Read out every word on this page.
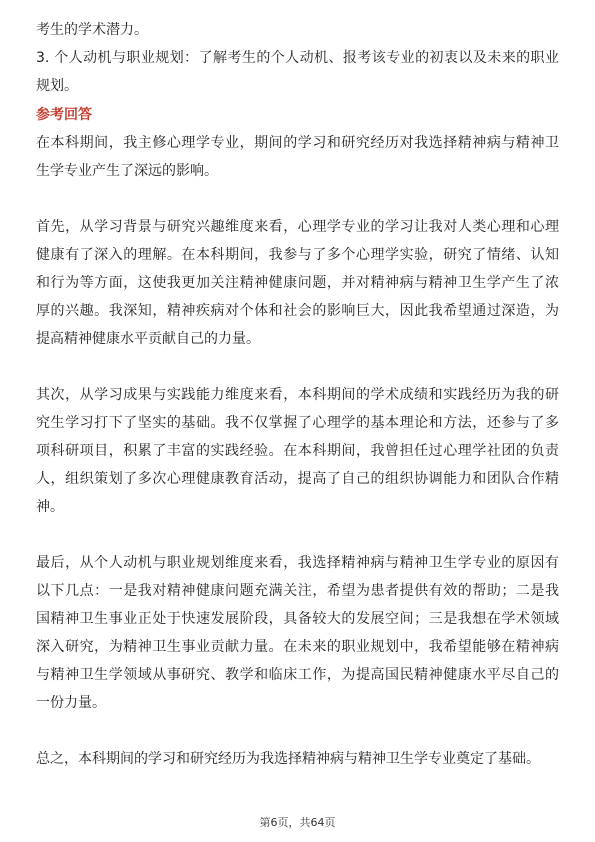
考生的学术潜力。
3. 个人动机与职业规划：了解考生的个人动机、报考该专业的初衷以及未来的职业
规划。
参考回答
在本科期间，我主修心理学专业，期间的学习和研究经历对我选择精神病与精神卫
生学专业产生了深远的影响。
首先，从学习背景与研究兴趣维度来看，心理学专业的学习让我对人类心理和心理
健康有了深入的理解。在本科期间，我参与了多个心理学实验，研究了情绪、认知
和行为等方面，这使我更加关注精神健康问题，并对精神病与精神卫生学产生了浓
厚的兴趣。我深知，精神疾病对个体和社会的影响巨大，因此我希望通过深造，为
提高精神健康水平贡献自己的力量。
其次，从学习成果与实践能力维度来看，本科期间的学术成绩和实践经历为我的研
究生学习打下了坚实的基础。我不仅掌握了心理学的基本理论和方法，还参与了多
项科研项目，积累了丰富的实践经验。在本科期间，我曾担任过心理学社团的负责
人，组织策划了多次心理健康教育活动，提高了自己的组织协调能力和团队合作精
神。
最后，从个人动机与职业规划维度来看，我选择精神病与精神卫生学专业的原因有
以下几点：一是我对精神健康问题充满关注，希望为患者提供有效的帮助；二是我
国精神卫生事业正处于快速发展阶段，具备较大的发展空间；三是我想在学术领域
深入研究，为精神卫生事业贡献力量。在未来的职业规划中，我希望能够在精神病
与精神卫生学领域从事研究、教学和临床工作，为提高国民精神健康水平尽自己的
一份力量。
总之，本科期间的学习和研究经历为我选择精神病与精神卫生学专业奠定了基础。
第6页，共64页
